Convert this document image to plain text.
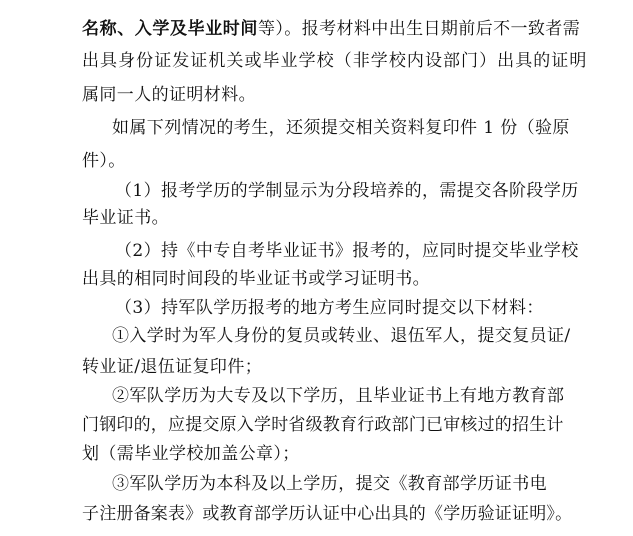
名称、入学及毕业时间等）。报考材料中出生日期前后不一致者需
出具身份证发证机关或毕业学校（非学校内设部门）出具的证明
属同一人的证明材料。
如属下列情况的考生，还须提交相关资料复印件 1 份（验原
件）。
（1）报考学历的学制显示为分段培养的，需提交各阶段学历
毕业证书。
（2）持《中专自考毕业证书》报考的，应同时提交毕业学校
出具的相同时间段的毕业证书或学习证明书。
（3）持军队学历报考的地方考生应同时提交以下材料：
①入学时为军人身份的复员或转业、退伍军人，提交复员证/
转业证/退伍证复印件；
②军队学历为大专及以下学历，且毕业证书上有地方教育部
门钢印的，应提交原入学时省级教育行政部门已审核过的招生计
划（需毕业学校加盖公章）；
③军队学历为本科及以上学历，提交《教育部学历证书电
子注册备案表》或教育部学历认证中心出具的《学历验证证明》。
